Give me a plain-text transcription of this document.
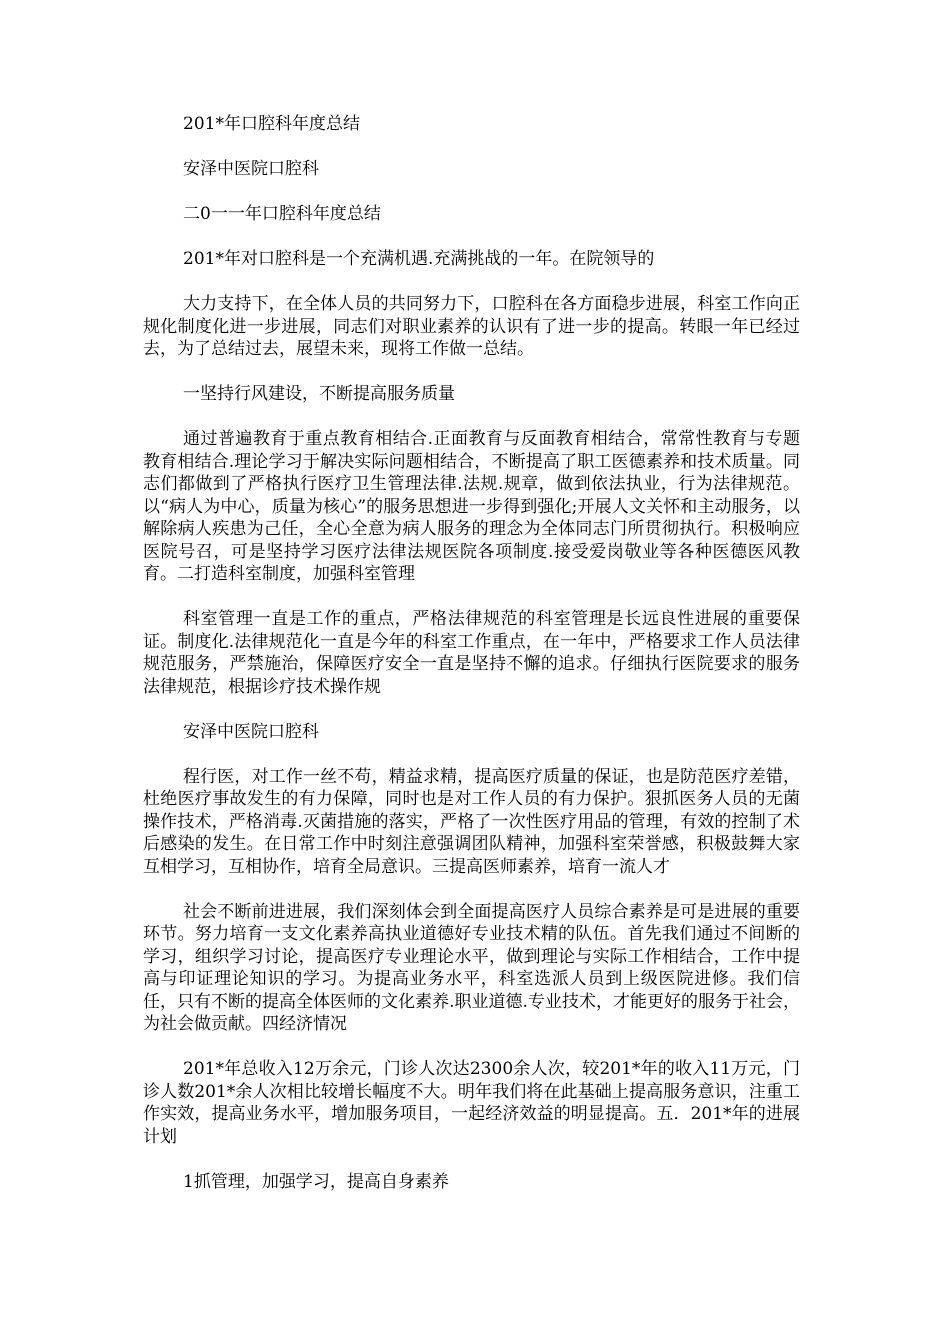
201*年口腔科年度总结

安泽中医院口腔科

二0一一年口腔科年度总结

201*年对口腔科是一个充满机遇.充满挑战的一年。在院领导的

大力支持下，在全体人员的共同努力下，口腔科在各方面稳步进展，科室工作向正规化制度化进一步进展，同志们对职业素养的认识有了进一步的提高。转眼一年已经过去，为了总结过去，展望未来，现将工作做一总结。

一坚持行风建设，不断提高服务质量

通过普遍教育于重点教育相结合.正面教育与反面教育相结合，常常性教育与专题教育相结合.理论学习于解决实际问题相结合，不断提高了职工医德素养和技术质量。同志们都做到了严格执行医疗卫生管理法律.法规.规章，做到依法执业，行为法律规范。以“病人为中心，质量为核心”的服务思想进一步得到强化;开展人文关怀和主动服务，以解除病人疾患为己任，全心全意为病人服务的理念为全体同志门所贯彻执行。积极响应医院号召，可是坚持学习医疗法律法规医院各项制度.接受爱岗敬业等各种医德医风教育。二打造科室制度，加强科室管理

科室管理一直是工作的重点，严格法律规范的科室管理是长远良性进展的重要保证。制度化.法律规范化一直是今年的科室工作重点，在一年中，严格要求工作人员法律规范服务，严禁施治，保障医疗安全一直是坚持不懈的追求。仔细执行医院要求的服务法律规范，根据诊疗技术操作规

安泽中医院口腔科

程行医，对工作一丝不苟，精益求精，提高医疗质量的保证，也是防范医疗差错，杜绝医疗事故发生的有力保障，同时也是对工作人员的有力保护。狠抓医务人员的无菌操作技术，严格消毒.灭菌措施的落实，严格了一次性医疗用品的管理，有效的控制了术后感染的发生。在日常工作中时刻注意强调团队精神，加强科室荣誉感，积极鼓舞大家互相学习，互相协作，培育全局意识。三提高医师素养，培育一流人才

社会不断前进进展，我们深刻体会到全面提高医疗人员综合素养是可是进展的重要环节。努力培育一支文化素养高执业道德好专业技术精的队伍。首先我们通过不间断的学习，组织学习讨论，提高医疗专业理论水平，做到理论与实际工作相结合，工作中提高与印证理论知识的学习。为提高业务水平，科室选派人员到上级医院进修。我们信任，只有不断的提高全体医师的文化素养.职业道德.专业技术，才能更好的服务于社会，为社会做贡献。四经济情况

201*年总收入12万余元，门诊人次达2300余人次，较201*年的收入11万元，门诊人数201*余人次相比较增长幅度不大。明年我们将在此基础上提高服务意识，注重工作实效，提高业务水平，增加服务项目，一起经济效益的明显提高。五．201*年的进展计划

1抓管理，加强学习，提高自身素养
